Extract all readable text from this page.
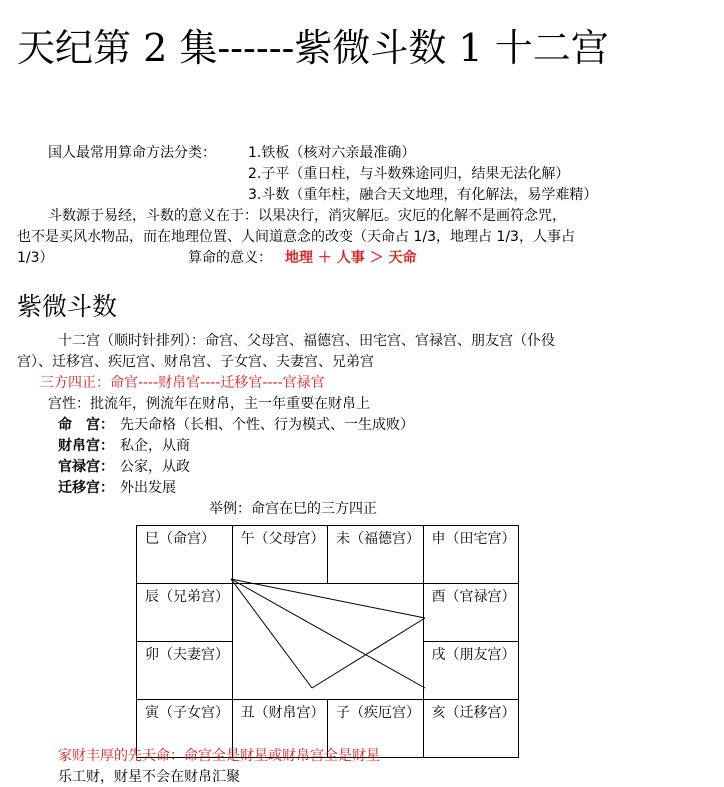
天纪第 2 集------紫微斗数 1 十二宫
国人最常用算命方法分类： 1.铁板（核对六亲最准确）
2.子平（重日柱，与斗数殊途同归，结果无法化解）
3.斗数（重年柱，融合天文地理，有化解法，易学难精）
斗数源于易经，斗数的意义在于：以果决行，消灾解厄。灾厄的化解不是画符念咒，
也不是买风水物品，而在地理位置、人间道意念的改变（天命占 1/3，地理占 1/3，人事占
1/3）	算命的意义： 地理 ＋ 人事 ＞ 天命
紫微斗数
十二宫（顺时针排列）：命宫、父母宫、福德宫、田宅宫、官禄宫、朋友宫（仆役
宫）、迁移宫、疾厄宫、财帛宫、子女宫、夫妻宫、兄弟宫
三方四正：命官----财帛官----迁移官----官禄官
宫性：批流年，例流年在财帛，主一年重要在财帛上
命　宫： 先天命格（长相、个性、行为模式、一生成败）
财帛宫： 私企，从商
官禄宫： 公家，从政
迁移宫： 外出发展
举例：命宫在巳的三方四正
巳（命宫）	午（父母宫）	未（福德宫）	申（田宅宫）
辰（兄弟宫）			酉（官禄宫）
卯（夫妻宫）			戌（朋友宫）
寅（子女宫）	丑（财帛宫）	子（疾厄宫）	亥（迁移宫）
家财丰厚的先天命：命宫全是财星或财帛宫全是财星
乐工财，财星不会在财帛汇聚
